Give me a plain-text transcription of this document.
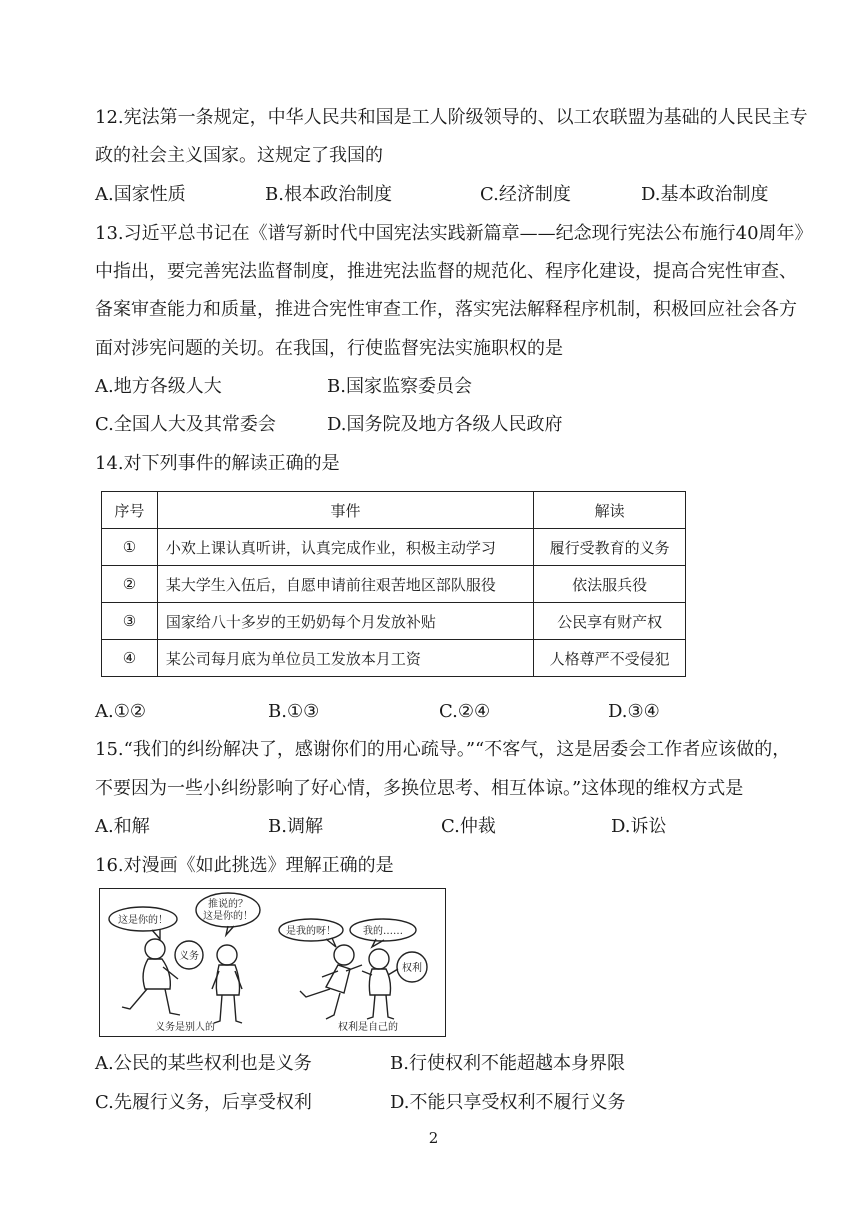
12.宪法第一条规定，中华人民共和国是工人阶级领导的、以工农联盟为基础的人民民主专
政的社会主义国家。这规定了我国的
A.国家性质	B.根本政治制度	C.经济制度	D.基本政治制度
13.习近平总书记在《谱写新时代中国宪法实践新篇章——纪念现行宪法公布施行40周年》
中指出，要完善宪法监督制度，推进宪法监督的规范化、程序化建设，提高合宪性审查、
备案审查能力和质量，推进合宪性审查工作，落实宪法解释程序机制，积极回应社会各方
面对涉宪问题的关切。在我国，行使监督宪法实施职权的是
A.地方各级人大	B.国家监察委员会
C.全国人大及其常委会	D.国务院及地方各级人民政府
14.对下列事件的解读正确的是
序号	事件	解读
①	小欢上课认真听讲，认真完成作业，积极主动学习	履行受教育的义务
②	某大学生入伍后，自愿申请前往艰苦地区部队服役	依法服兵役
③	国家给八十多岁的王奶奶每个月发放补贴	公民享有财产权
④	某公司每月底为单位员工发放本月工资	人格尊严不受侵犯
A.①②	B.①③	C.②④	D.③④
15.“我们的纠纷解决了，感谢你们的用心疏导。”“不客气，这是居委会工作者应该做的，
不要因为一些小纠纷影响了好心情，多换位思考、相互体谅。”这体现的维权方式是
A.和解	B.调解	C.仲裁	D.诉讼
16.对漫画《如此挑选》理解正确的是
这是你的！
推说的？
这是你的！
是我的呀！	我的……
义务
权利
义务是别人的	权利是自己的
A.公民的某些权利也是义务	B.行使权利不能超越本身界限
C.先履行义务，后享受权利	D.不能只享受权利不履行义务
2
